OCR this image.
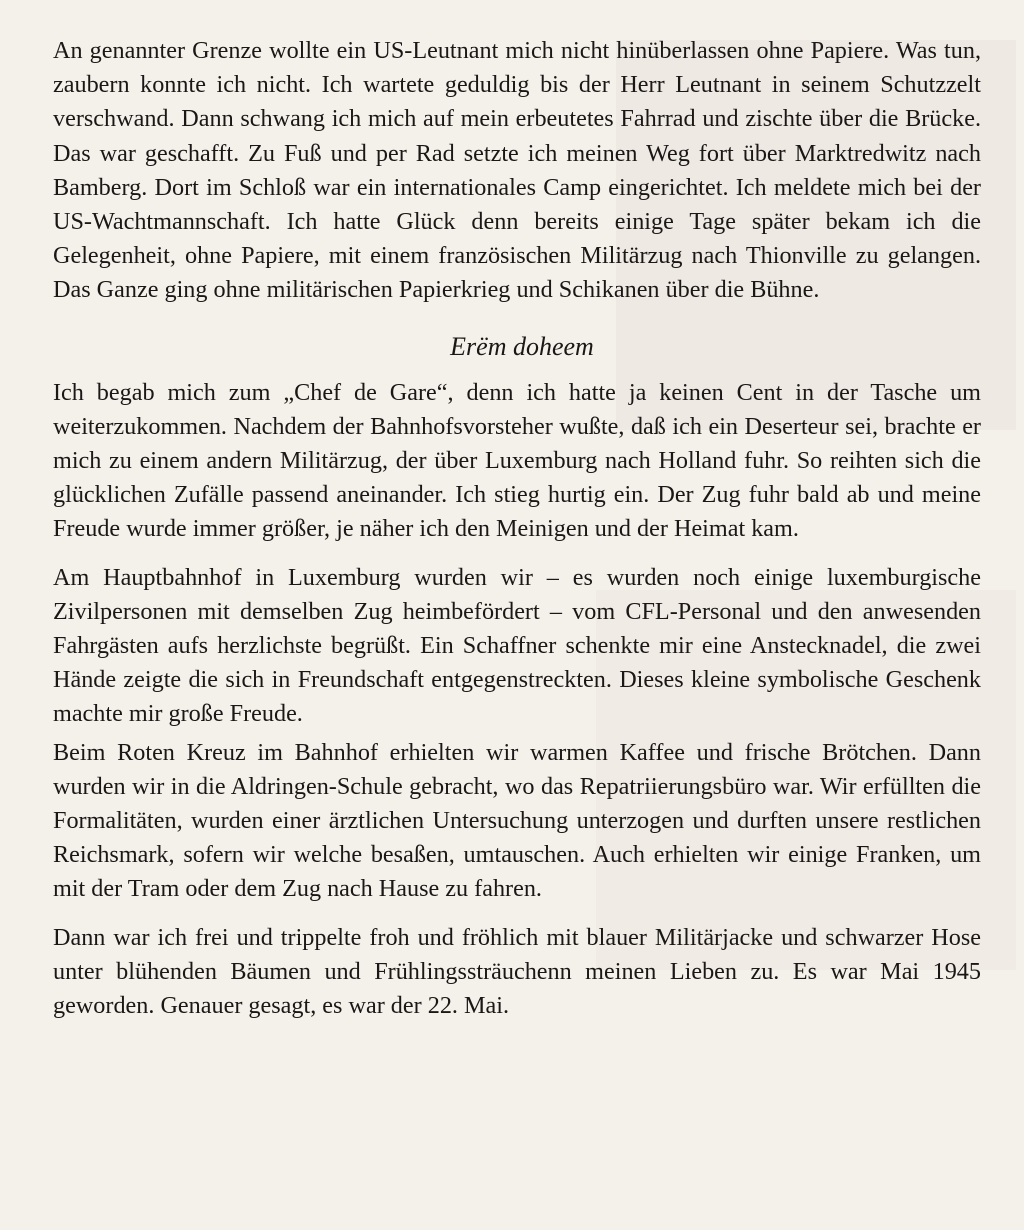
An genannter Grenze wollte ein US-Leutnant mich nicht hinüberlassen ohne Papiere. Was tun, zaubern konnte ich nicht. Ich wartete geduldig bis der Herr Leutnant in seinem Schutzzelt verschwand. Dann schwang ich mich auf mein erbeutetes Fahrrad und zischte über die Brücke. Das war geschafft. Zu Fuß und per Rad setzte ich meinen Weg fort über Marktredwitz nach Bamberg. Dort im Schloß war ein internationales Camp eingerichtet. Ich meldete mich bei der US-Wachtmannschaft. Ich hatte Glück denn bereits einige Tage später bekam ich die Gelegenheit, ohne Papiere, mit einem französischen Militärzug nach Thionville zu gelangen. Das Ganze ging ohne militärischen Papierkrieg und Schikanen über die Bühne.

Erëm doheem

Ich begab mich zum „Chef de Gare“, denn ich hatte ja keinen Cent in der Tasche um weiterzukommen. Nachdem der Bahnhofsvorsteher wußte, daß ich ein Deserteur sei, brachte er mich zu einem andern Militärzug, der über Luxemburg nach Holland fuhr. So reihten sich die glücklichen Zufälle passend aneinander. Ich stieg hurtig ein. Der Zug fuhr bald ab und meine Freude wurde immer größer, je näher ich den Meinigen und der Heimat kam.

Am Hauptbahnhof in Luxemburg wurden wir – es wurden noch einige luxemburgische Zivilpersonen mit demselben Zug heimbefördert – vom CFL-Personal und den anwesenden Fahrgästen aufs herzlichste begrüßt. Ein Schaffner schenkte mir eine Anstecknadel, die zwei Hände zeigte die sich in Freundschaft entgegenstreckten. Dieses kleine symbolische Geschenk machte mir große Freude.

Beim Roten Kreuz im Bahnhof erhielten wir warmen Kaffee und frische Brötchen. Dann wurden wir in die Aldringen-Schule gebracht, wo das Repatriierungsbüro war. Wir erfüllten die Formalitäten, wurden einer ärztlichen Untersuchung unterzogen und durften unsere restlichen Reichsmark, sofern wir welche besaßen, umtauschen. Auch erhielten wir einige Franken, um mit der Tram oder dem Zug nach Hause zu fahren.

Dann war ich frei und trippelte froh und fröhlich mit blauer Militärjacke und schwarzer Hose unter blühenden Bäumen und Frühlingssträuchenn meinen Lieben zu. Es war Mai 1945 geworden. Genauer gesagt, es war der 22. Mai.
